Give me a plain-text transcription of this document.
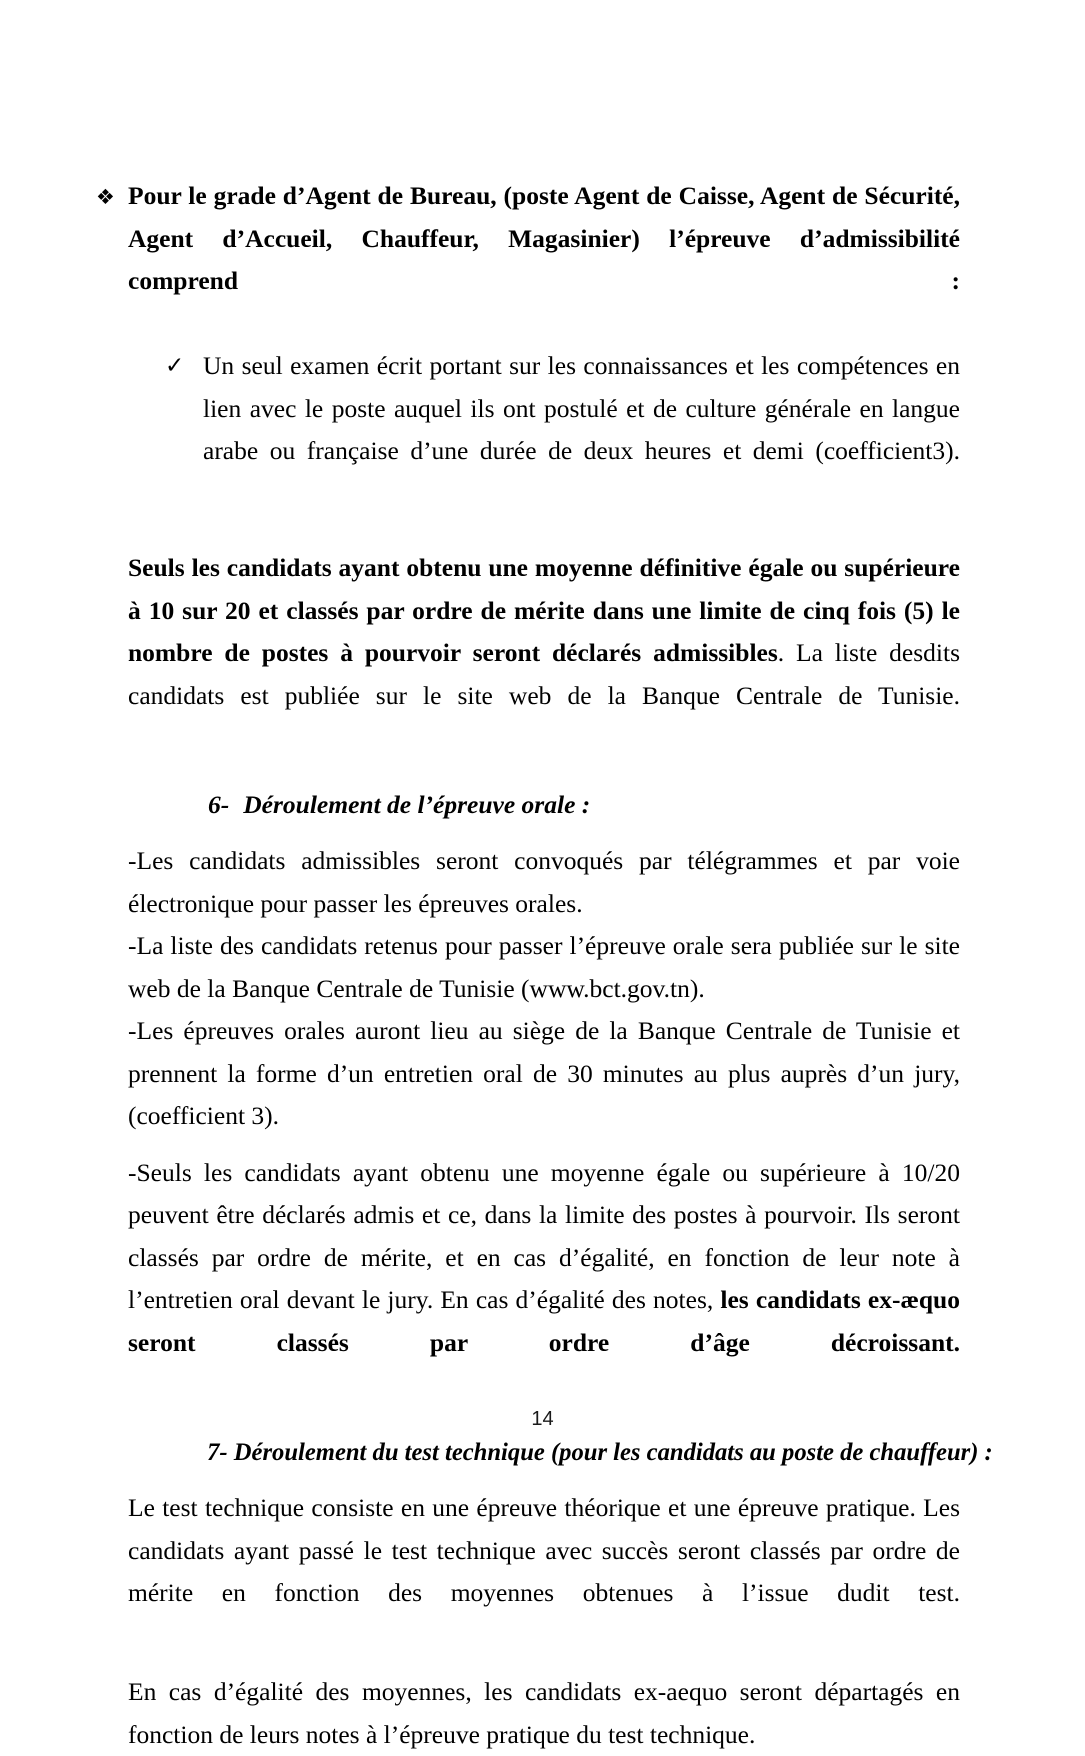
❖ Pour le grade d’Agent de Bureau, (poste Agent de Caisse, Agent de Sécurité, Agent d’Accueil, Chauffeur, Magasinier) l’épreuve d’admissibilité comprend :
✓ Un seul examen écrit portant sur les connaissances et les compétences en lien avec le poste auquel ils ont postulé et de culture générale en langue arabe ou française d’une durée de deux heures et demi (coefficient3).

Seuls les candidats ayant obtenu une moyenne définitive égale ou supérieure à 10 sur 20 et classés par ordre de mérite dans une limite de cinq fois (5) le nombre de postes à pourvoir seront déclarés admissibles. La liste desdits candidats est publiée sur le site web de la Banque Centrale de Tunisie.

6- Déroulement de l’épreuve orale :

-Les candidats admissibles seront convoqués par télégrammes et par voie électronique pour passer les épreuves orales.

-La liste des candidats retenus pour passer l’épreuve orale sera publiée sur le site web de la Banque Centrale de Tunisie (www.bct.gov.tn).

-Les épreuves orales auront lieu au siège de la Banque Centrale de Tunisie et prennent la forme d’un entretien oral de 30 minutes au plus auprès d’un jury, (coefficient 3).

-Seuls les candidats ayant obtenu une moyenne égale ou supérieure à 10/20 peuvent être déclarés admis et ce, dans la limite des postes à pourvoir. Ils seront classés par ordre de mérite, et en cas d’égalité, en fonction de leur note à l’entretien oral devant le jury. En cas d’égalité des notes, les candidats ex-æquo seront classés par ordre d’âge décroissant.

7- Déroulement du test technique (pour les candidats au poste de chauffeur) :

Le test technique consiste en une épreuve théorique et une épreuve pratique. Les candidats ayant passé le test technique avec succès seront classés par ordre de mérite en fonction des moyennes obtenues à l’issue dudit test.

En cas d’égalité des moyennes, les candidats ex-aequo seront départagés en fonction de leurs notes à l’épreuve pratique du test technique.

14
